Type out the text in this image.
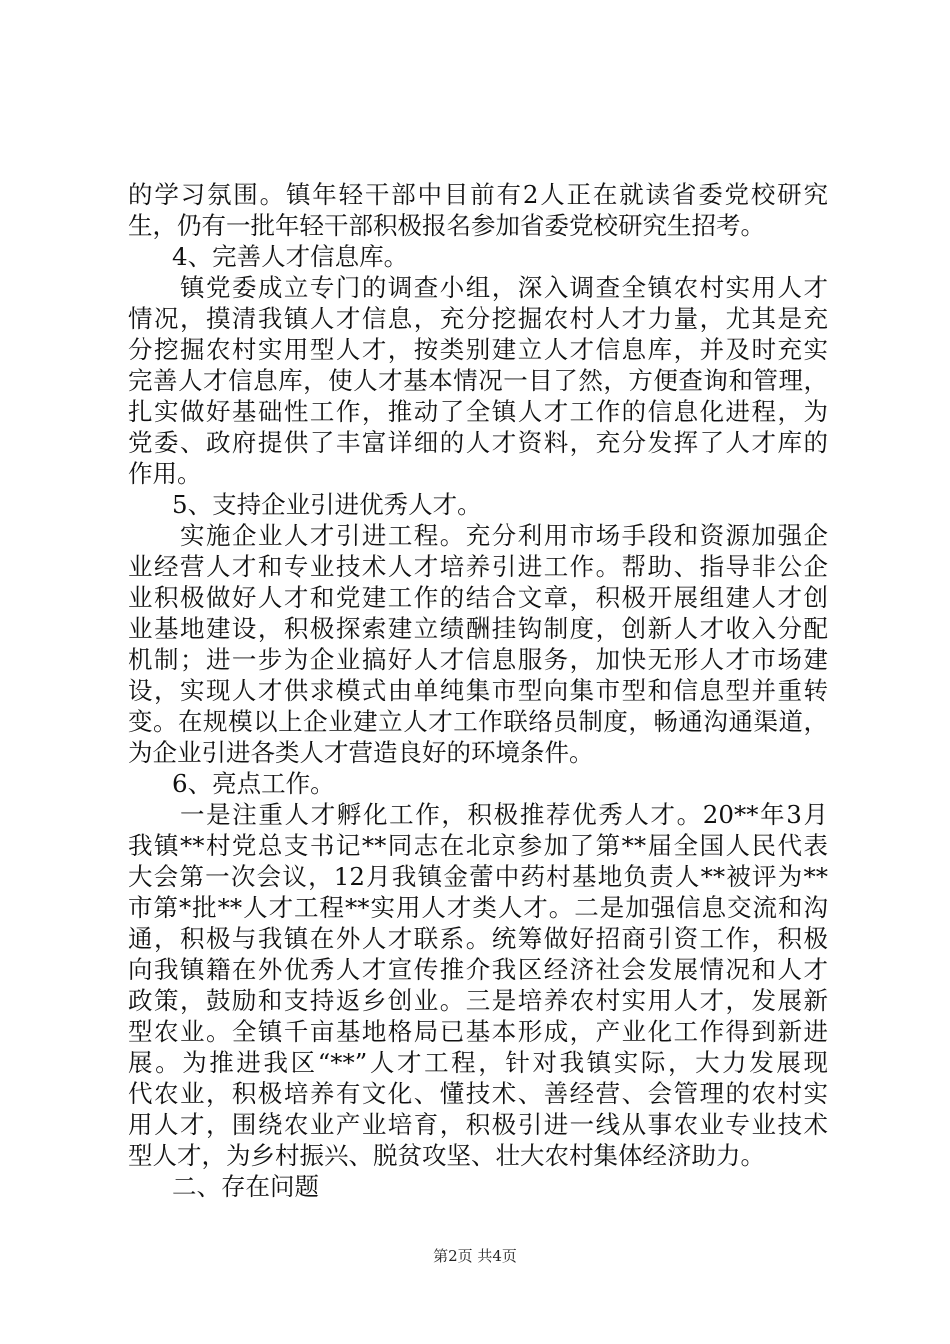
的学习氛围。镇年轻干部中目前有2人正在就读省委党校研究
生，仍有一批年轻干部积极报名参加省委党校研究生招考。
4、完善人才信息库。
镇党委成立专门的调查小组，深入调查全镇农村实用人才
情况，摸清我镇人才信息，充分挖掘农村人才力量，尤其是充
分挖掘农村实用型人才，按类别建立人才信息库，并及时充实
完善人才信息库，使人才基本情况一目了然，方便查询和管理，
扎实做好基础性工作，推动了全镇人才工作的信息化进程，为
党委、政府提供了丰富详细的人才资料，充分发挥了人才库的
作用。
5、支持企业引进优秀人才。
实施企业人才引进工程。充分利用市场手段和资源加强企
业经营人才和专业技术人才培养引进工作。帮助、指导非公企
业积极做好人才和党建工作的结合文章，积极开展组建人才创
业基地建设，积极探索建立绩酬挂钩制度，创新人才收入分配
机制；进一步为企业搞好人才信息服务，加快无形人才市场建
设，实现人才供求模式由单纯集市型向集市型和信息型并重转
变。在规模以上企业建立人才工作联络员制度，畅通沟通渠道，
为企业引进各类人才营造良好的环境条件。
6、亮点工作。
一是注重人才孵化工作，积极推荐优秀人才。20**年3月
我镇**村党总支书记**同志在北京参加了第**届全国人民代表
大会第一次会议，12月我镇金蕾中药村基地负责人**被评为**
市第*批**人才工程**实用人才类人才。二是加强信息交流和沟
通，积极与我镇在外人才联系。统筹做好招商引资工作，积极
向我镇籍在外优秀人才宣传推介我区经济社会发展情况和人才
政策，鼓励和支持返乡创业。三是培养农村实用人才，发展新
型农业。全镇千亩基地格局已基本形成，产业化工作得到新进
展。为推进我区“**”人才工程，针对我镇实际，大力发展现
代农业，积极培养有文化、懂技术、善经营、会管理的农村实
用人才，围绕农业产业培育，积极引进一线从事农业专业技术
型人才，为乡村振兴、脱贫攻坚、壮大农村集体经济助力。
二、存在问题
第2页 共4页
